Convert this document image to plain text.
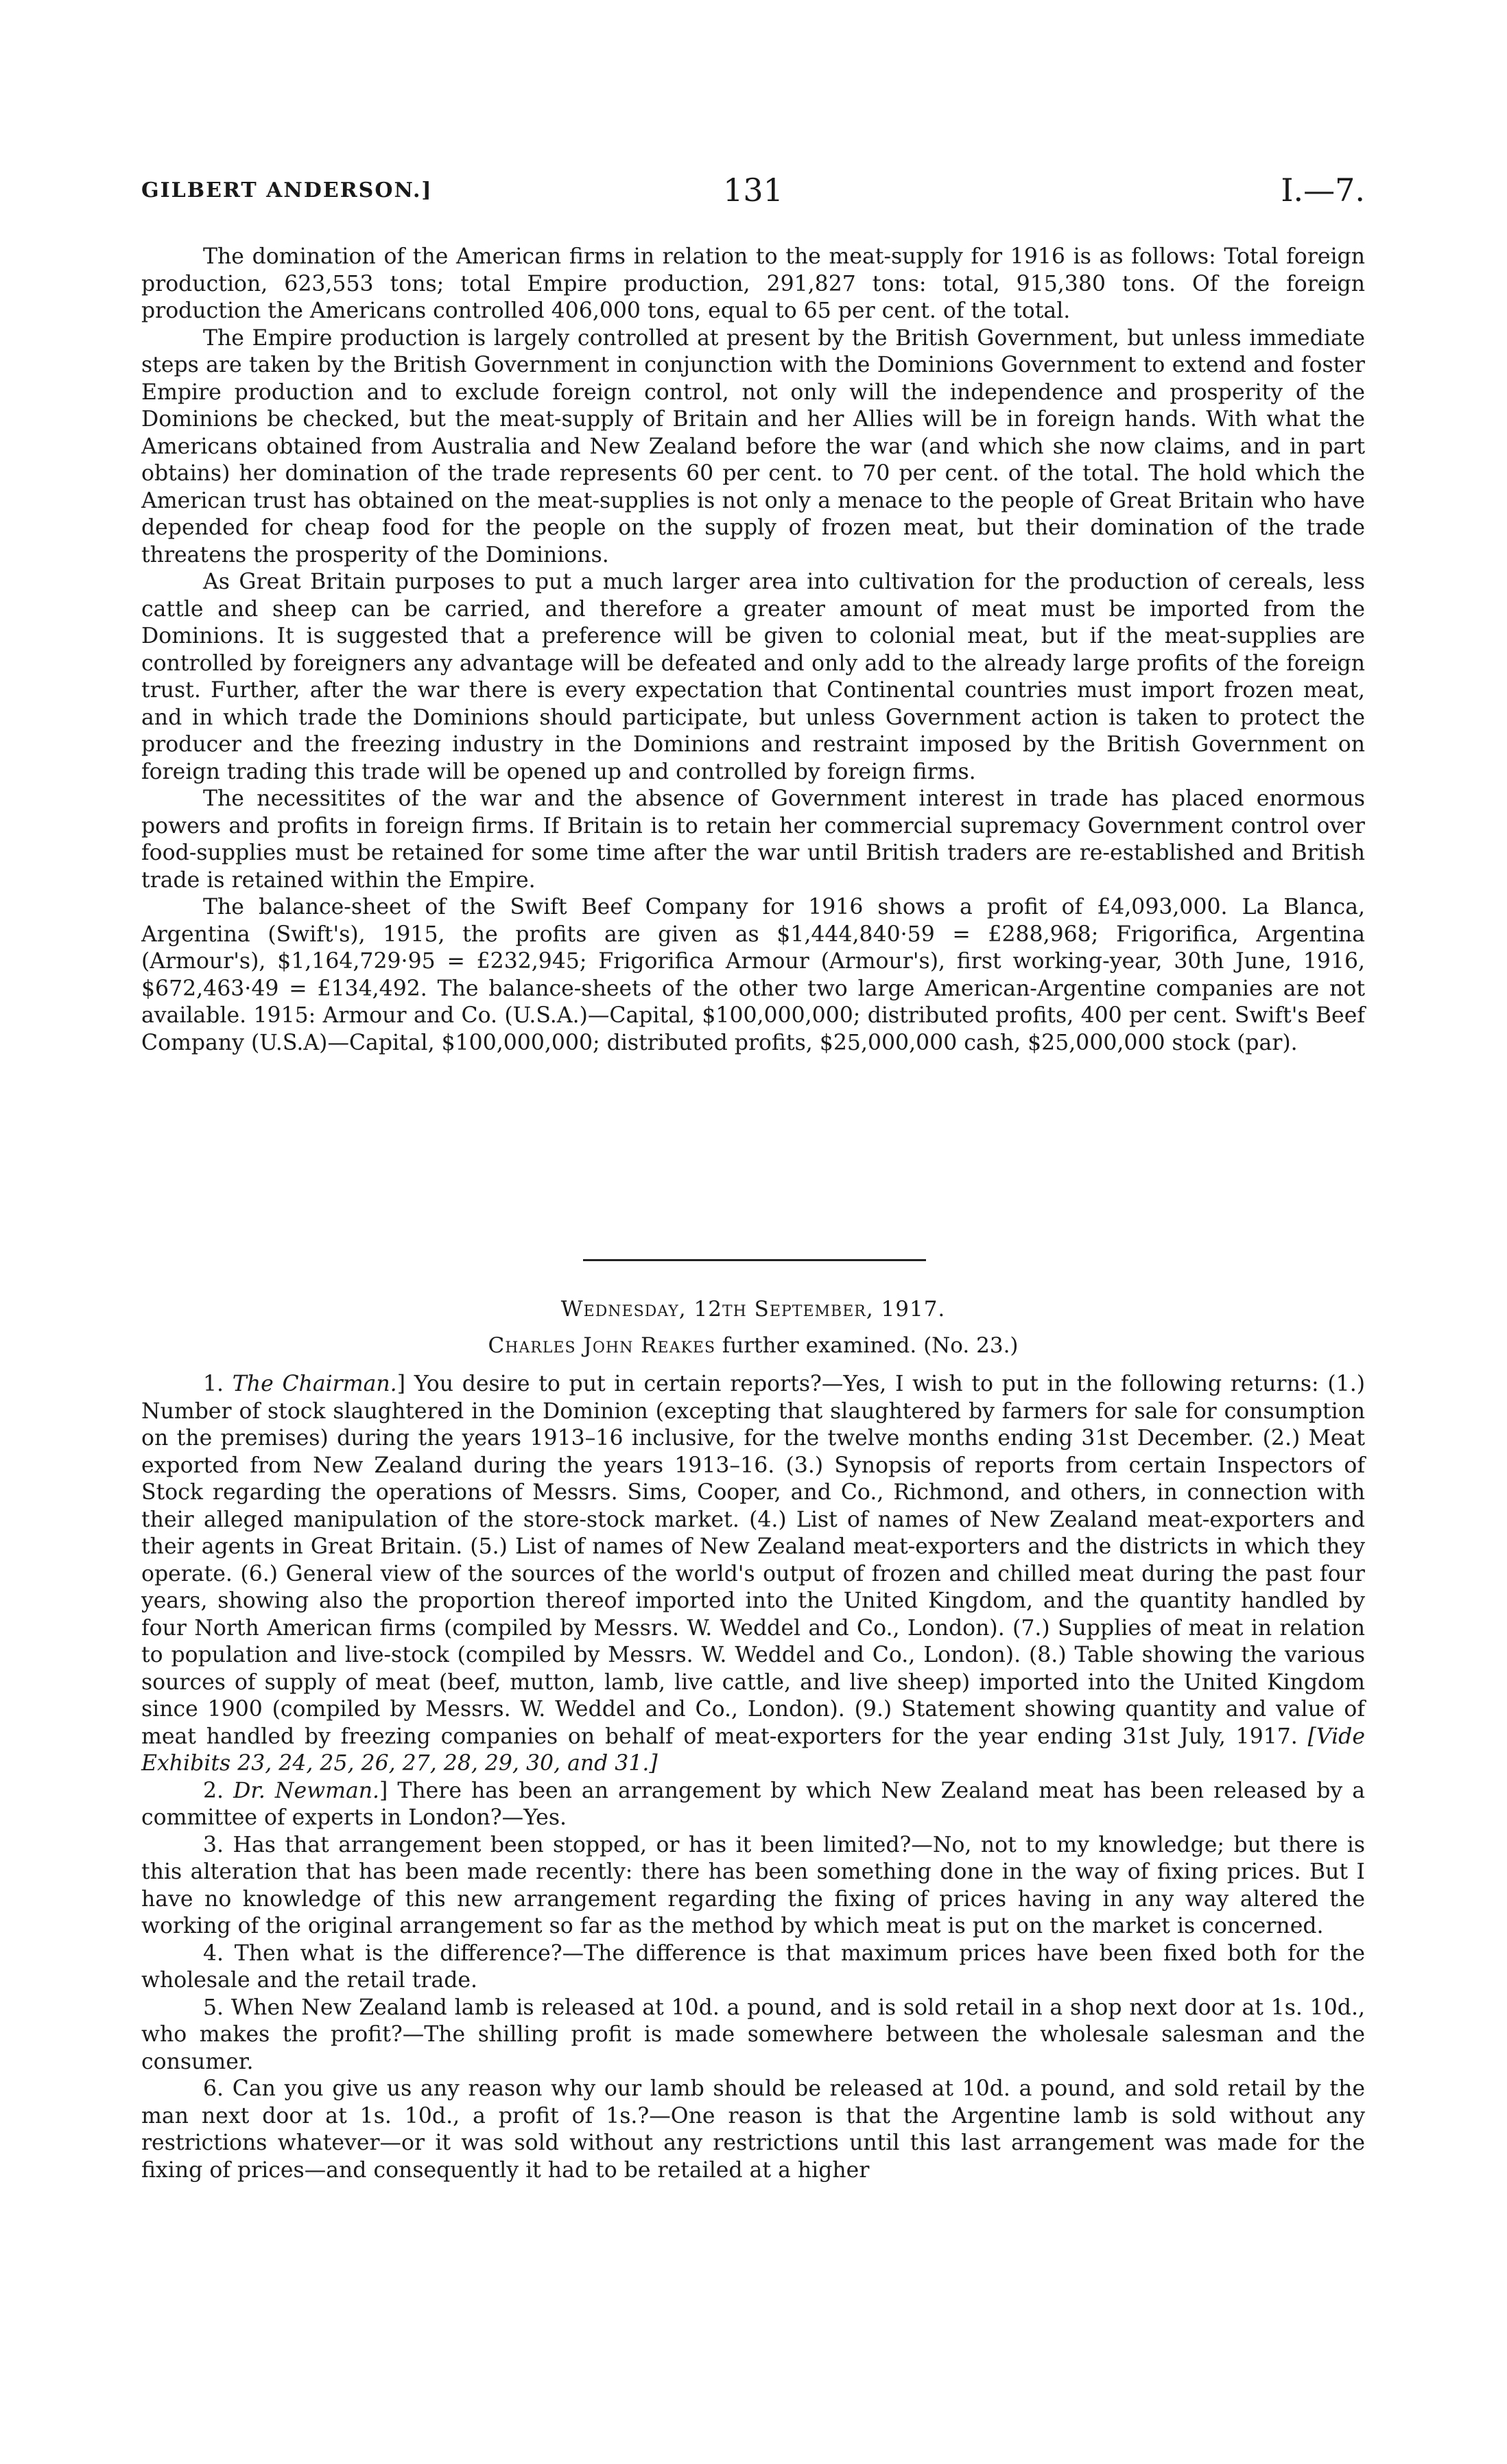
GILBERT ANDERSON.]	131	I.—7.

The domination of the American firms in relation to the meat-supply for 1916 is as follows: Total foreign production, 623,553 tons; total Empire production, 291,827 tons: total, 915,380 tons. Of the foreign production the Americans controlled 406,000 tons, equal to 65 per cent. of the total.

The Empire production is largely controlled at present by the British Government, but unless immediate steps are taken by the British Government in conjunction with the Dominions Government to extend and foster Empire production and to exclude foreign control, not only will the independence and prosperity of the Dominions be checked, but the meat-supply of Britain and her Allies will be in foreign hands. With what the Americans obtained from Australia and New Zealand before the war (and which she now claims, and in part obtains) her domination of the trade represents 60 per cent. to 70 per cent. of the total. The hold which the American trust has obtained on the meat-supplies is not only a menace to the people of Great Britain who have depended for cheap food for the people on the supply of frozen meat, but their domination of the trade threatens the prosperity of the Dominions.

As Great Britain purposes to put a much larger area into cultivation for the production of cereals, less cattle and sheep can be carried, and therefore a greater amount of meat must be imported from the Dominions. It is suggested that a preference will be given to colonial meat, but if the meat-supplies are controlled by foreigners any advantage will be defeated and only add to the already large profits of the foreign trust. Further, after the war there is every expectation that Continental countries must import frozen meat, and in which trade the Dominions should participate, but unless Government action is taken to protect the producer and the freezing industry in the Dominions and restraint imposed by the British Government on foreign trading this trade will be opened up and controlled by foreign firms.

The necessitites of the war and the absence of Government interest in trade has placed enormous powers and profits in foreign firms. If Britain is to retain her commercial supremacy Government control over food-supplies must be retained for some time after the war until British traders are re-established and British trade is retained within the Empire.

The balance-sheet of the Swift Beef Company for 1916 shows a profit of £4,093,000. La Blanca, Argentina (Swift's), 1915, the profits are given as $1,444,840·59 = £288,968; Frigorifica, Argentina (Armour's), $1,164,729·95 = £232,945; Frigorifica Armour (Armour's), first working-year, 30th June, 1916, $672,463·49 = £134,492. The balance-sheets of the other two large American-Argentine companies are not available. 1915: Armour and Co. (U.S.A.)—Capital, $100,000,000; distributed profits, 400 per cent. Swift's Beef Company (U.S.A)—Capital, $100,000,000; distributed profits, $25,000,000 cash, $25,000,000 stock (par).

Wednesday, 12th September, 1917.
Charles John Reakes further examined. (No. 23.)

1. The Chairman.] You desire to put in certain reports?—Yes, I wish to put in the following returns: (1.) Number of stock slaughtered in the Dominion (excepting that slaughtered by farmers for sale for consumption on the premises) during the years 1913–16 inclusive, for the twelve months ending 31st December. (2.) Meat exported from New Zealand during the years 1913–16. (3.) Synopsis of reports from certain Inspectors of Stock regarding the operations of Messrs. Sims, Cooper, and Co., Richmond, and others, in connection with their alleged manipulation of the store-stock market. (4.) List of names of New Zealand meat-exporters and their agents in Great Britain. (5.) List of names of New Zealand meat-exporters and the districts in which they operate. (6.) General view of the sources of the world's output of frozen and chilled meat during the past four years, showing also the proportion thereof imported into the United Kingdom, and the quantity handled by four North American firms (compiled by Messrs. W. Weddel and Co., London). (7.) Supplies of meat in relation to population and live-stock (compiled by Messrs. W. Weddel and Co., London). (8.) Table showing the various sources of supply of meat (beef, mutton, lamb, live cattle, and live sheep) imported into the United Kingdom since 1900 (compiled by Messrs. W. Weddel and Co., London). (9.) Statement showing quantity and value of meat handled by freezing companies on behalf of meat-exporters for the year ending 31st July, 1917. [Vide Exhibits 23, 24, 25, 26, 27, 28, 29, 30, and 31.]

2. Dr. Newman.] There has been an arrangement by which New Zealand meat has been released by a committee of experts in London?—Yes.

3. Has that arrangement been stopped, or has it been limited?—No, not to my knowledge; but there is this alteration that has been made recently: there has been something done in the way of fixing prices. But I have no knowledge of this new arrangement regarding the fixing of prices having in any way altered the working of the original arrangement so far as the method by which meat is put on the market is concerned.

4. Then what is the difference?—The difference is that maximum prices have been fixed both for the wholesale and the retail trade.

5. When New Zealand lamb is released at 10d. a pound, and is sold retail in a shop next door at 1s. 10d., who makes the profit?—The shilling profit is made somewhere between the wholesale salesman and the consumer.

6. Can you give us any reason why our lamb should be released at 10d. a pound, and sold retail by the man next door at 1s. 10d., a profit of 1s.?—One reason is that the Argentine lamb is sold without any restrictions whatever—or it was sold without any restrictions until this last arrangement was made for the fixing of prices—and consequently it had to be retailed at a higher
